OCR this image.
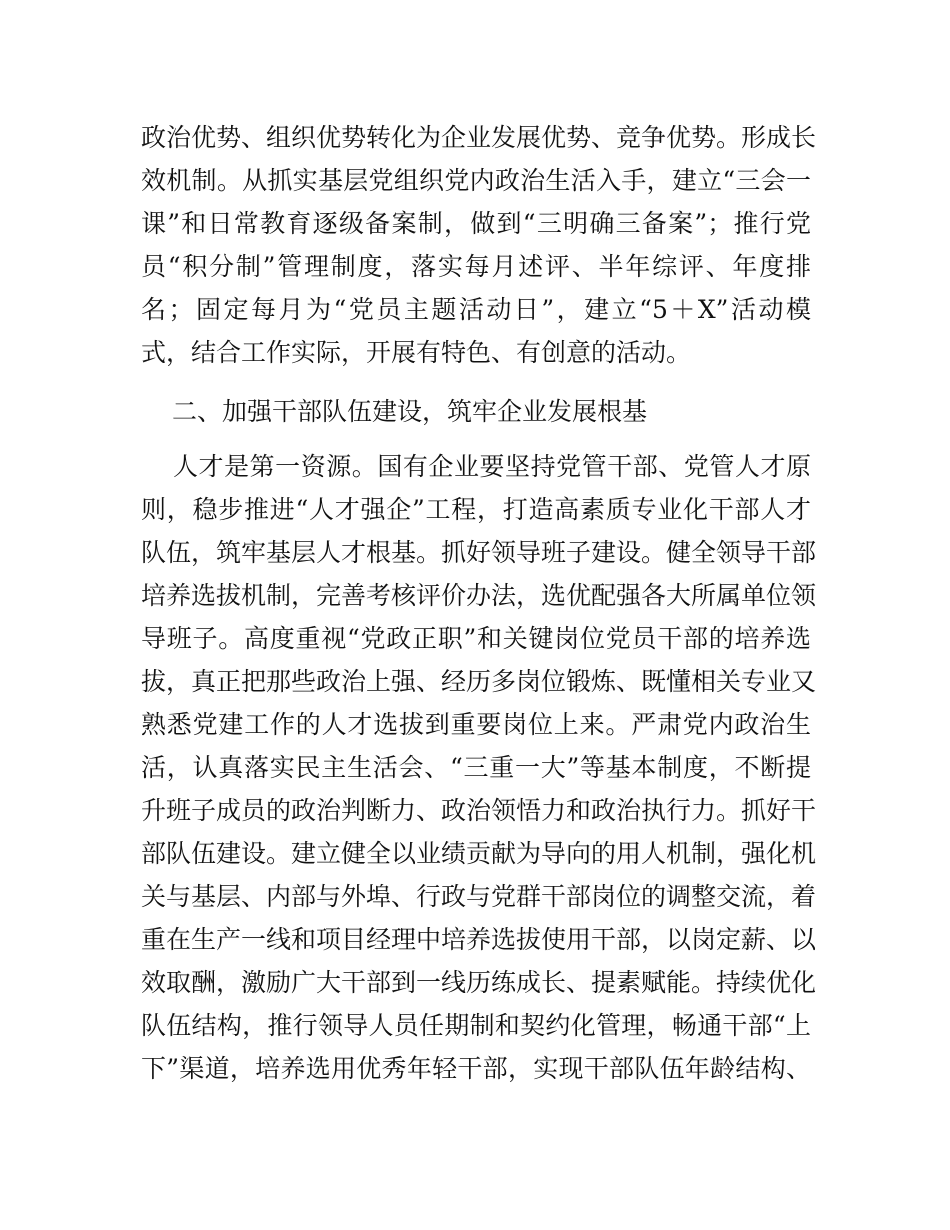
政治优势、组织优势转化为企业发展优势、竞争优势。形成长
效机制。从抓实基层党组织党内政治生活入手，建立“三会一
课”和日常教育逐级备案制，做到“三明确三备案”；推行党
员“积分制”管理制度，落实每月述评、半年综评、年度排
名；固定每月为“党员主题活动日”，建立“5＋X”活动模
式，结合工作实际，开展有特色、有创意的活动。
二、加强干部队伍建设，筑牢企业发展根基
人才是第一资源。国有企业要坚持党管干部、党管人才原
则，稳步推进“人才强企”工程，打造高素质专业化干部人才
队伍，筑牢基层人才根基。抓好领导班子建设。健全领导干部
培养选拔机制，完善考核评价办法，选优配强各大所属单位领
导班子。高度重视“党政正职”和关键岗位党员干部的培养选
拔，真正把那些政治上强、经历多岗位锻炼、既懂相关专业又
熟悉党建工作的人才选拔到重要岗位上来。严肃党内政治生
活，认真落实民主生活会、“三重一大”等基本制度，不断提
升班子成员的政治判断力、政治领悟力和政治执行力。抓好干
部队伍建设。建立健全以业绩贡献为导向的用人机制，强化机
关与基层、内部与外埠、行政与党群干部岗位的调整交流，着
重在生产一线和项目经理中培养选拔使用干部，以岗定薪、以
效取酬，激励广大干部到一线历练成长、提素赋能。持续优化
队伍结构，推行领导人员任期制和契约化管理，畅通干部“上
下”渠道，培养选用优秀年轻干部，实现干部队伍年龄结构、
